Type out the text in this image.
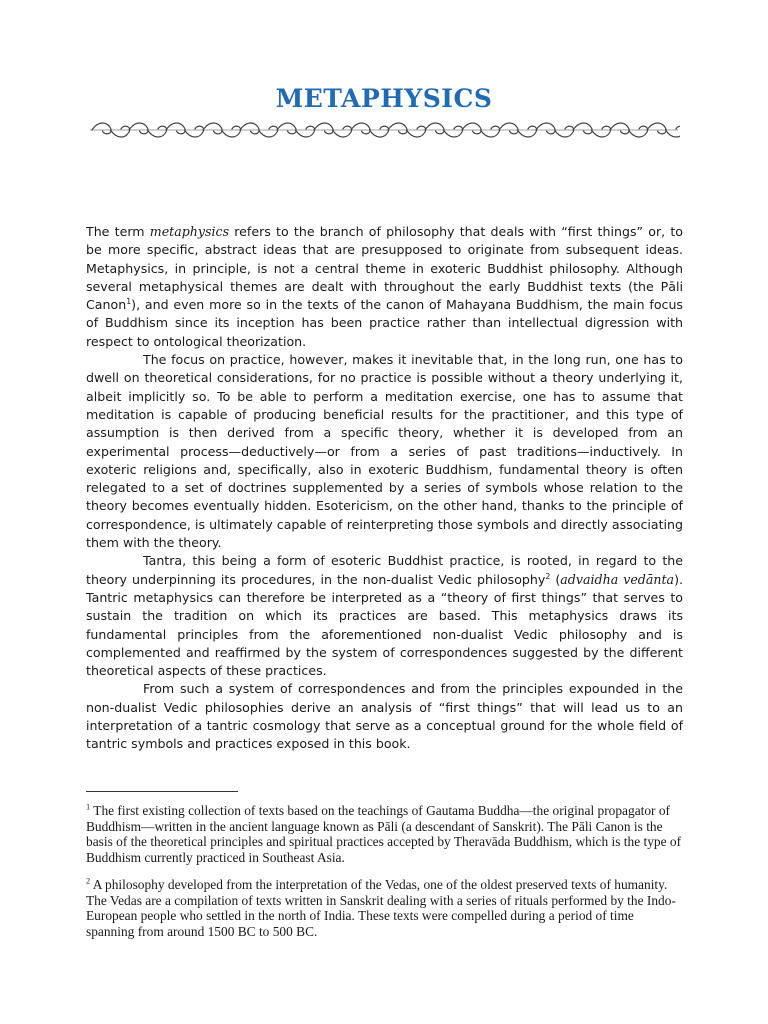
METAPHYSICS

The term metaphysics refers to the branch of philosophy that deals with “first things” or, to be more specific, abstract ideas that are presupposed to originate from subsequent ideas. Metaphysics, in principle, is not a central theme in exoteric Buddhist philosophy. Although several metaphysical themes are dealt with throughout the early Buddhist texts (the Pāli Canon$^1$), and even more so in the texts of the canon of Mahayana Buddhism, the main focus of Buddhism since its inception has been practice rather than intellectual digression with respect to ontological theorization.

The focus on practice, however, makes it inevitable that, in the long run, one has to dwell on theoretical considerations, for no practice is possible without a theory underlying it, albeit implicitly so. To be able to perform a meditation exercise, one has to assume that meditation is capable of producing beneficial results for the practitioner, and this type of assumption is then derived from a specific theory, whether it is developed from an experimental process—deductively—or from a series of past traditions—inductively. In exoteric religions and, specifically, also in exoteric Buddhism, fundamental theory is often relegated to a set of doctrines supplemented by a series of symbols whose relation to the theory becomes eventually hidden. Esotericism, on the other hand, thanks to the principle of correspondence, is ultimately capable of reinterpreting those symbols and directly associating them with the theory.

Tantra, this being a form of esoteric Buddhist practice, is rooted, in regard to the theory underpinning its procedures, in the non-dualist Vedic philosophy$^2$ (advaidha vedānta). Tantric metaphysics can therefore be interpreted as a “theory of first things” that serves to sustain the tradition on which its practices are based. This metaphysics draws its fundamental principles from the aforementioned non-dualist Vedic philosophy and is complemented and reaffirmed by the system of correspondences suggested by the different theoretical aspects of these practices.

From such a system of correspondences and from the principles expounded in the non-dualist Vedic philosophies derive an analysis of “first things” that will lead us to an interpretation of a tantric cosmology that serve as a conceptual ground for the whole field of tantric symbols and practices exposed in this book.

$^1$ The first existing collection of texts based on the teachings of Gautama Buddha—the original propagator of Buddhism—written in the ancient language known as Pāli (a descendant of Sanskrit). The Pāli Canon is the basis of the theoretical principles and spiritual practices accepted by Theravāda Buddhism, which is the type of Buddhism currently practiced in Southeast Asia.

$^2$ A philosophy developed from the interpretation of the Vedas, one of the oldest preserved texts of humanity. The Vedas are a compilation of texts written in Sanskrit dealing with a series of rituals performed by the Indo-European people who settled in the north of India. These texts were compelled during a period of time spanning from around 1500 BC to 500 BC.
